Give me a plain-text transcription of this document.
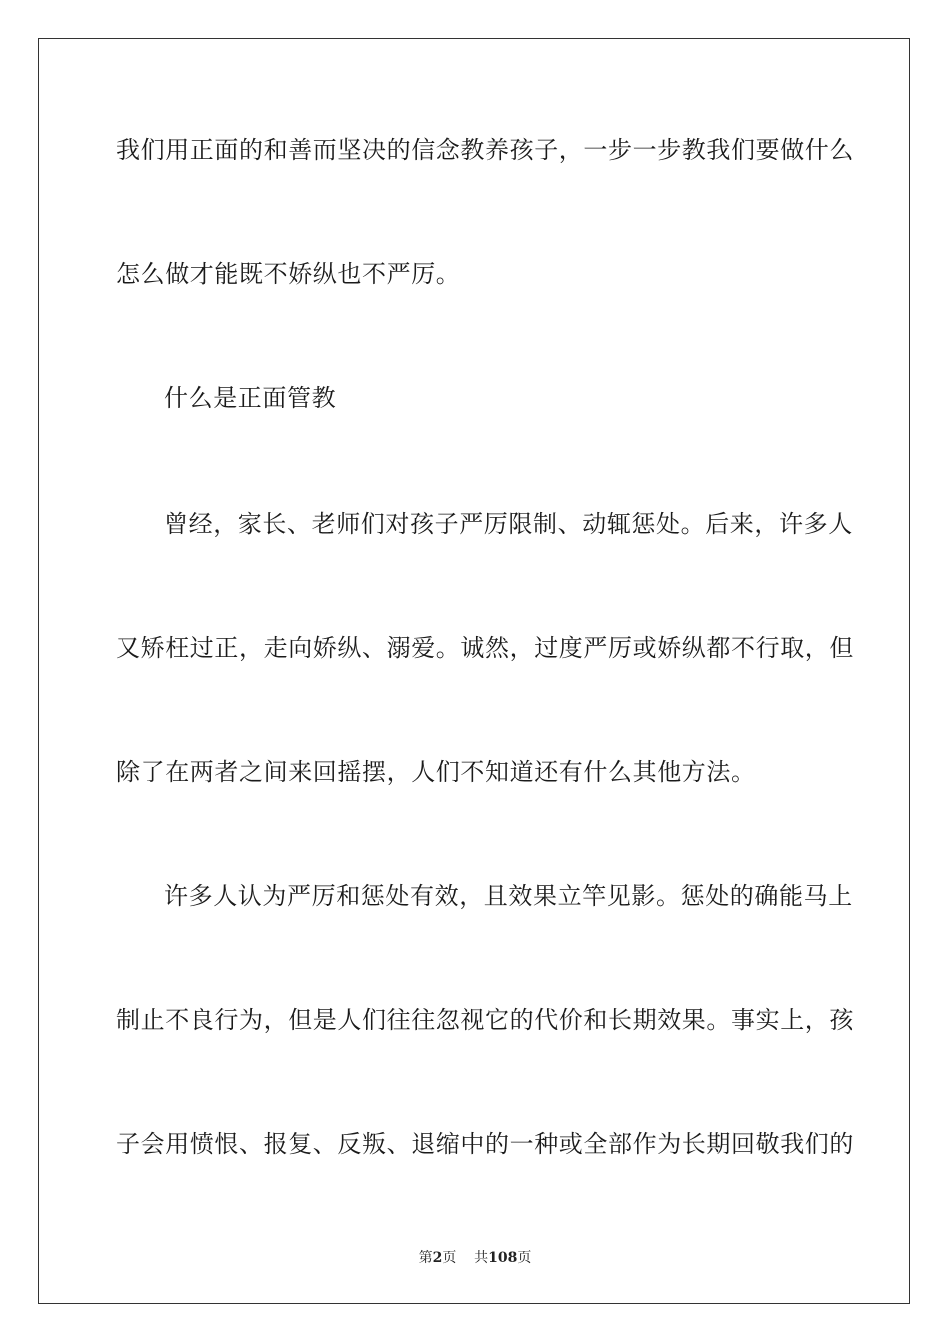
我们用正面的和善而坚决的信念教养孩子，一步一步教我们要做什么
怎么做才能既不娇纵也不严厉。
什么是正面管教
曾经，家长、老师们对孩子严厉限制、动辄惩处。后来，许多人
又矫枉过正，走向娇纵、溺爱。诚然，过度严厉或娇纵都不行取，但
除了在两者之间来回摇摆，人们不知道还有什么其他方法。
许多人认为严厉和惩处有效，且效果立竿见影。惩处的确能马上
制止不良行为，但是人们往往忽视它的代价和长期效果。事实上，孩
子会用愤恨、报复、反叛、退缩中的一种或全部作为长期回敬我们的
第2页 共108页
